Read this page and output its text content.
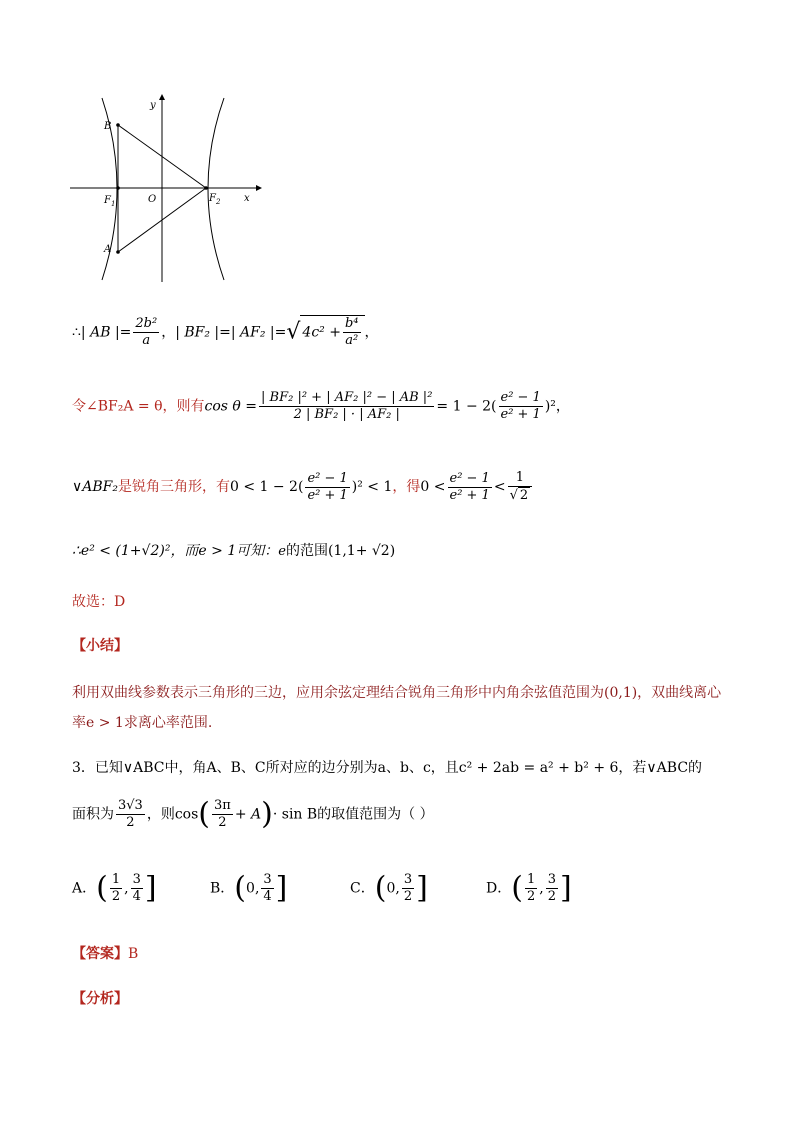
B
A
$F_1$	O	$F_2$ x
y
∴| AB |= $\frac{\text{2b²}}{a}$ ，| BF₂ |=| AF₂ |=√ $4c^2 + \frac{\text{b⁴}}{\text{a²}}$ ，
令∠BF₂A = θ，则有$\cos \theta = \frac{\text{| BF₂ |² + | AF₂ |² − | AB |²}}{\text{2 | BF₂ | · | AF₂ |}} = 1 - 2( \frac{\text{e² − 1}}{\text{e² + 1}} )^2$，
∨ABF₂是锐角三角形，有$0 < 1 - 2( \frac{\text{e² − 1}}{\text{e² + 1}} )^2 < 1$，得$0 < \frac{\text{e² − 1}}{\text{e² + 1}} < \frac{1}{√ 2}$
∴e² < (1+√2)²，而e > 1可知：e的范围(1,1+ √2)
故选：D
【小结】
利用双曲线参数表示三角形的三边，应用余弦定理结合锐角三角形中内角余弦值范围为(0,1)，双曲线离心
率e > 1求离心率范围.
3．已知∨ABC中，角A、B、C所对应的边分别为a、b、c，且c² + 2ab = a² + b² + 6，若∨ABC的
面积为 $\frac{3√3}{2}$ ，则$\cos( \frac{3\pi}{2} + A)\cdot \sin B$的取值范围为（ ）
A．( $\frac{1}{2}$ , $\frac{3}{4}$ ]	B．(0, $\frac{3}{4}$ ]	C．(0, $\frac{3}{2}$ ]	D．( $\frac{1}{2}$ , $\frac{3}{2}$ ]
【答案】B
【分析】
